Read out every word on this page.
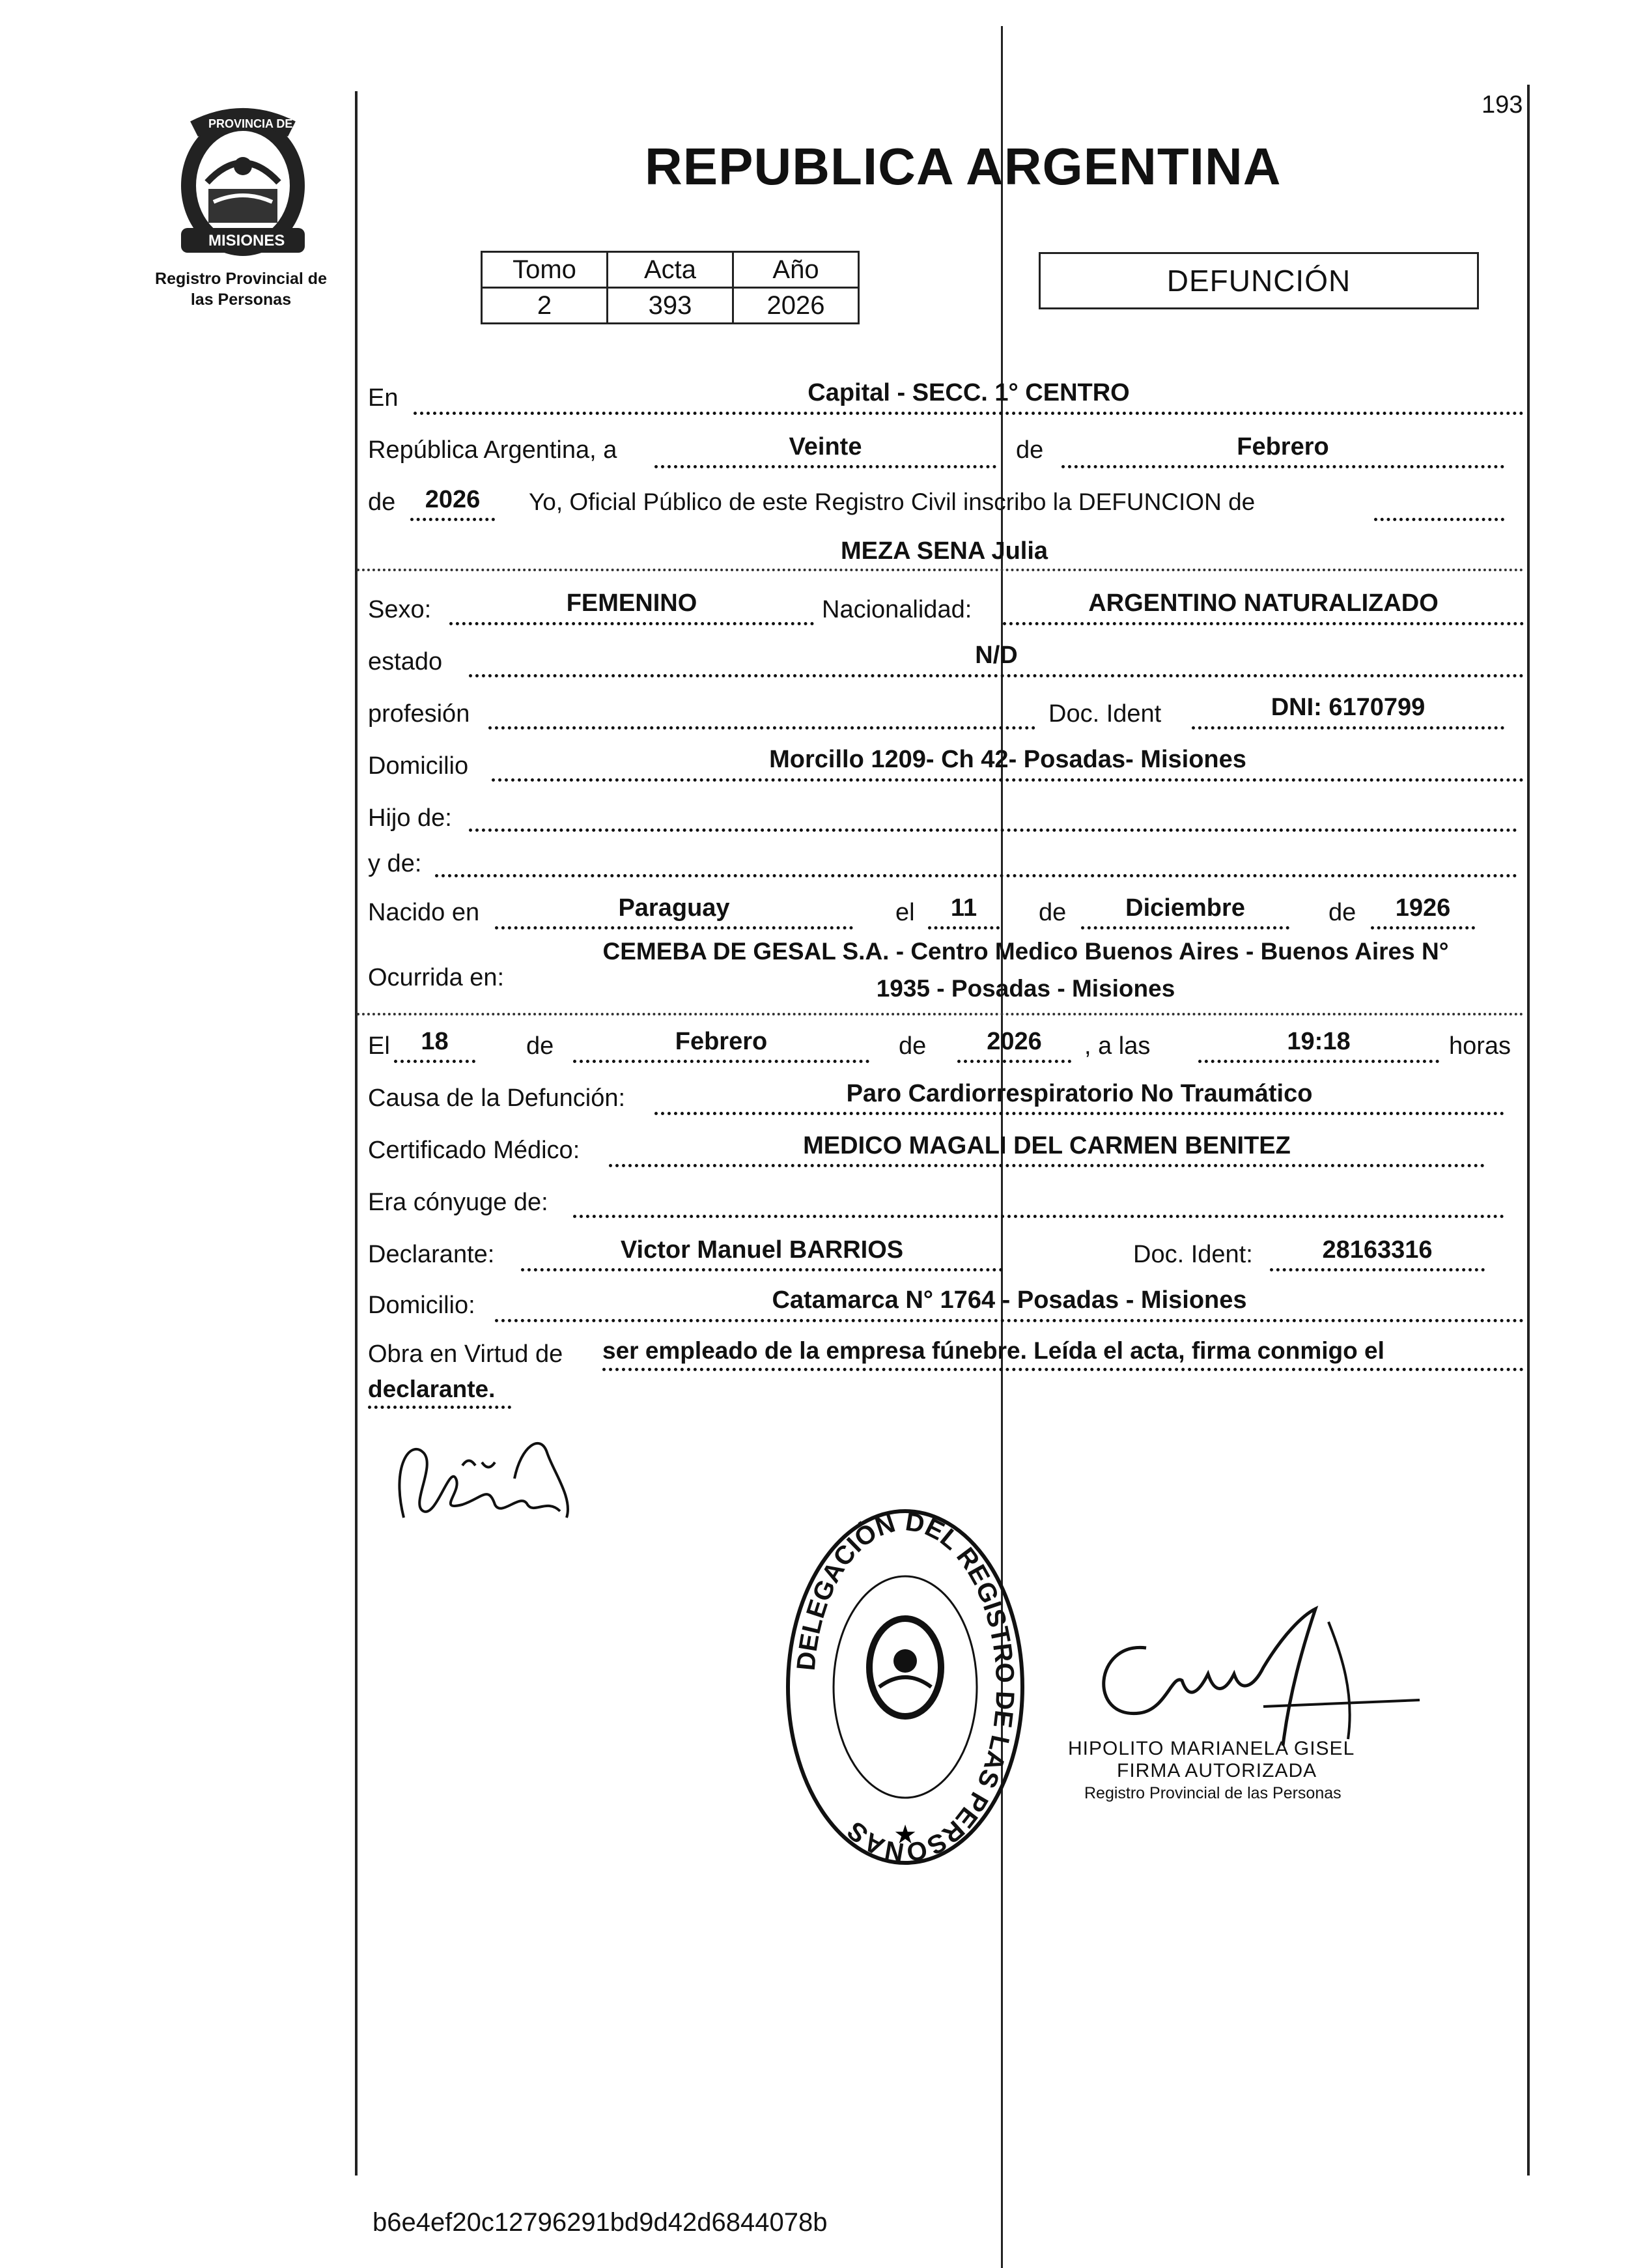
PROVINCIA DE
MISIONES
Registro Provincial de
las Personas
193
REPUBLICA ARGENTINA
Tomo	Acta	Año
2	393	2026
DEFUNCIÓN
En	Capital - SECC. 1° CENTRO
República Argentina, a	Veinte	de	Febrero
de	2026	Yo, Oficial Público de este Registro Civil inscribo la DEFUNCION de
MEZA SENA Julia
Sexo:	FEMENINO	Nacionalidad:	ARGENTINO NATURALIZADO
estado	N/D
profesión	Doc. Ident	DNI: 6170799
Domicilio	Morcillo 1209- Ch 42- Posadas- Misiones
Hijo de:
y de:
Nacido en	Paraguay	el	11	de	Diciembre	de	1926
Ocurrida en:
CEMEBA DE GESAL S.A. - Centro Medico Buenos Aires - Buenos Aires N°
1935 - Posadas - Misiones
El	18	de	Febrero	de	2026	, a las	19:18	horas
Causa de la Defunción:	Paro Cardiorrespiratorio No Traumático
Certificado Médico:	MEDICO MAGALI DEL CARMEN BENITEZ
Era cónyuge de:
Declarante:	Victor Manuel BARRIOS	Doc. Ident:	28163316
Domicilio:	Catamarca N° 1764 - Posadas - Misiones
Obra en Virtud de ser empleado de la empresa fúnebre. Leída el acta, firma conmigo el
declarante.
★
DELEGACIÓN DEL REGISTRO DE LAS PERSONAS
HIPOLITO MARIANELA GISEL
FIRMA AUTORIZADA
Registro Provincial de las Personas
b6e4ef20c12796291bd9d42d6844078b
